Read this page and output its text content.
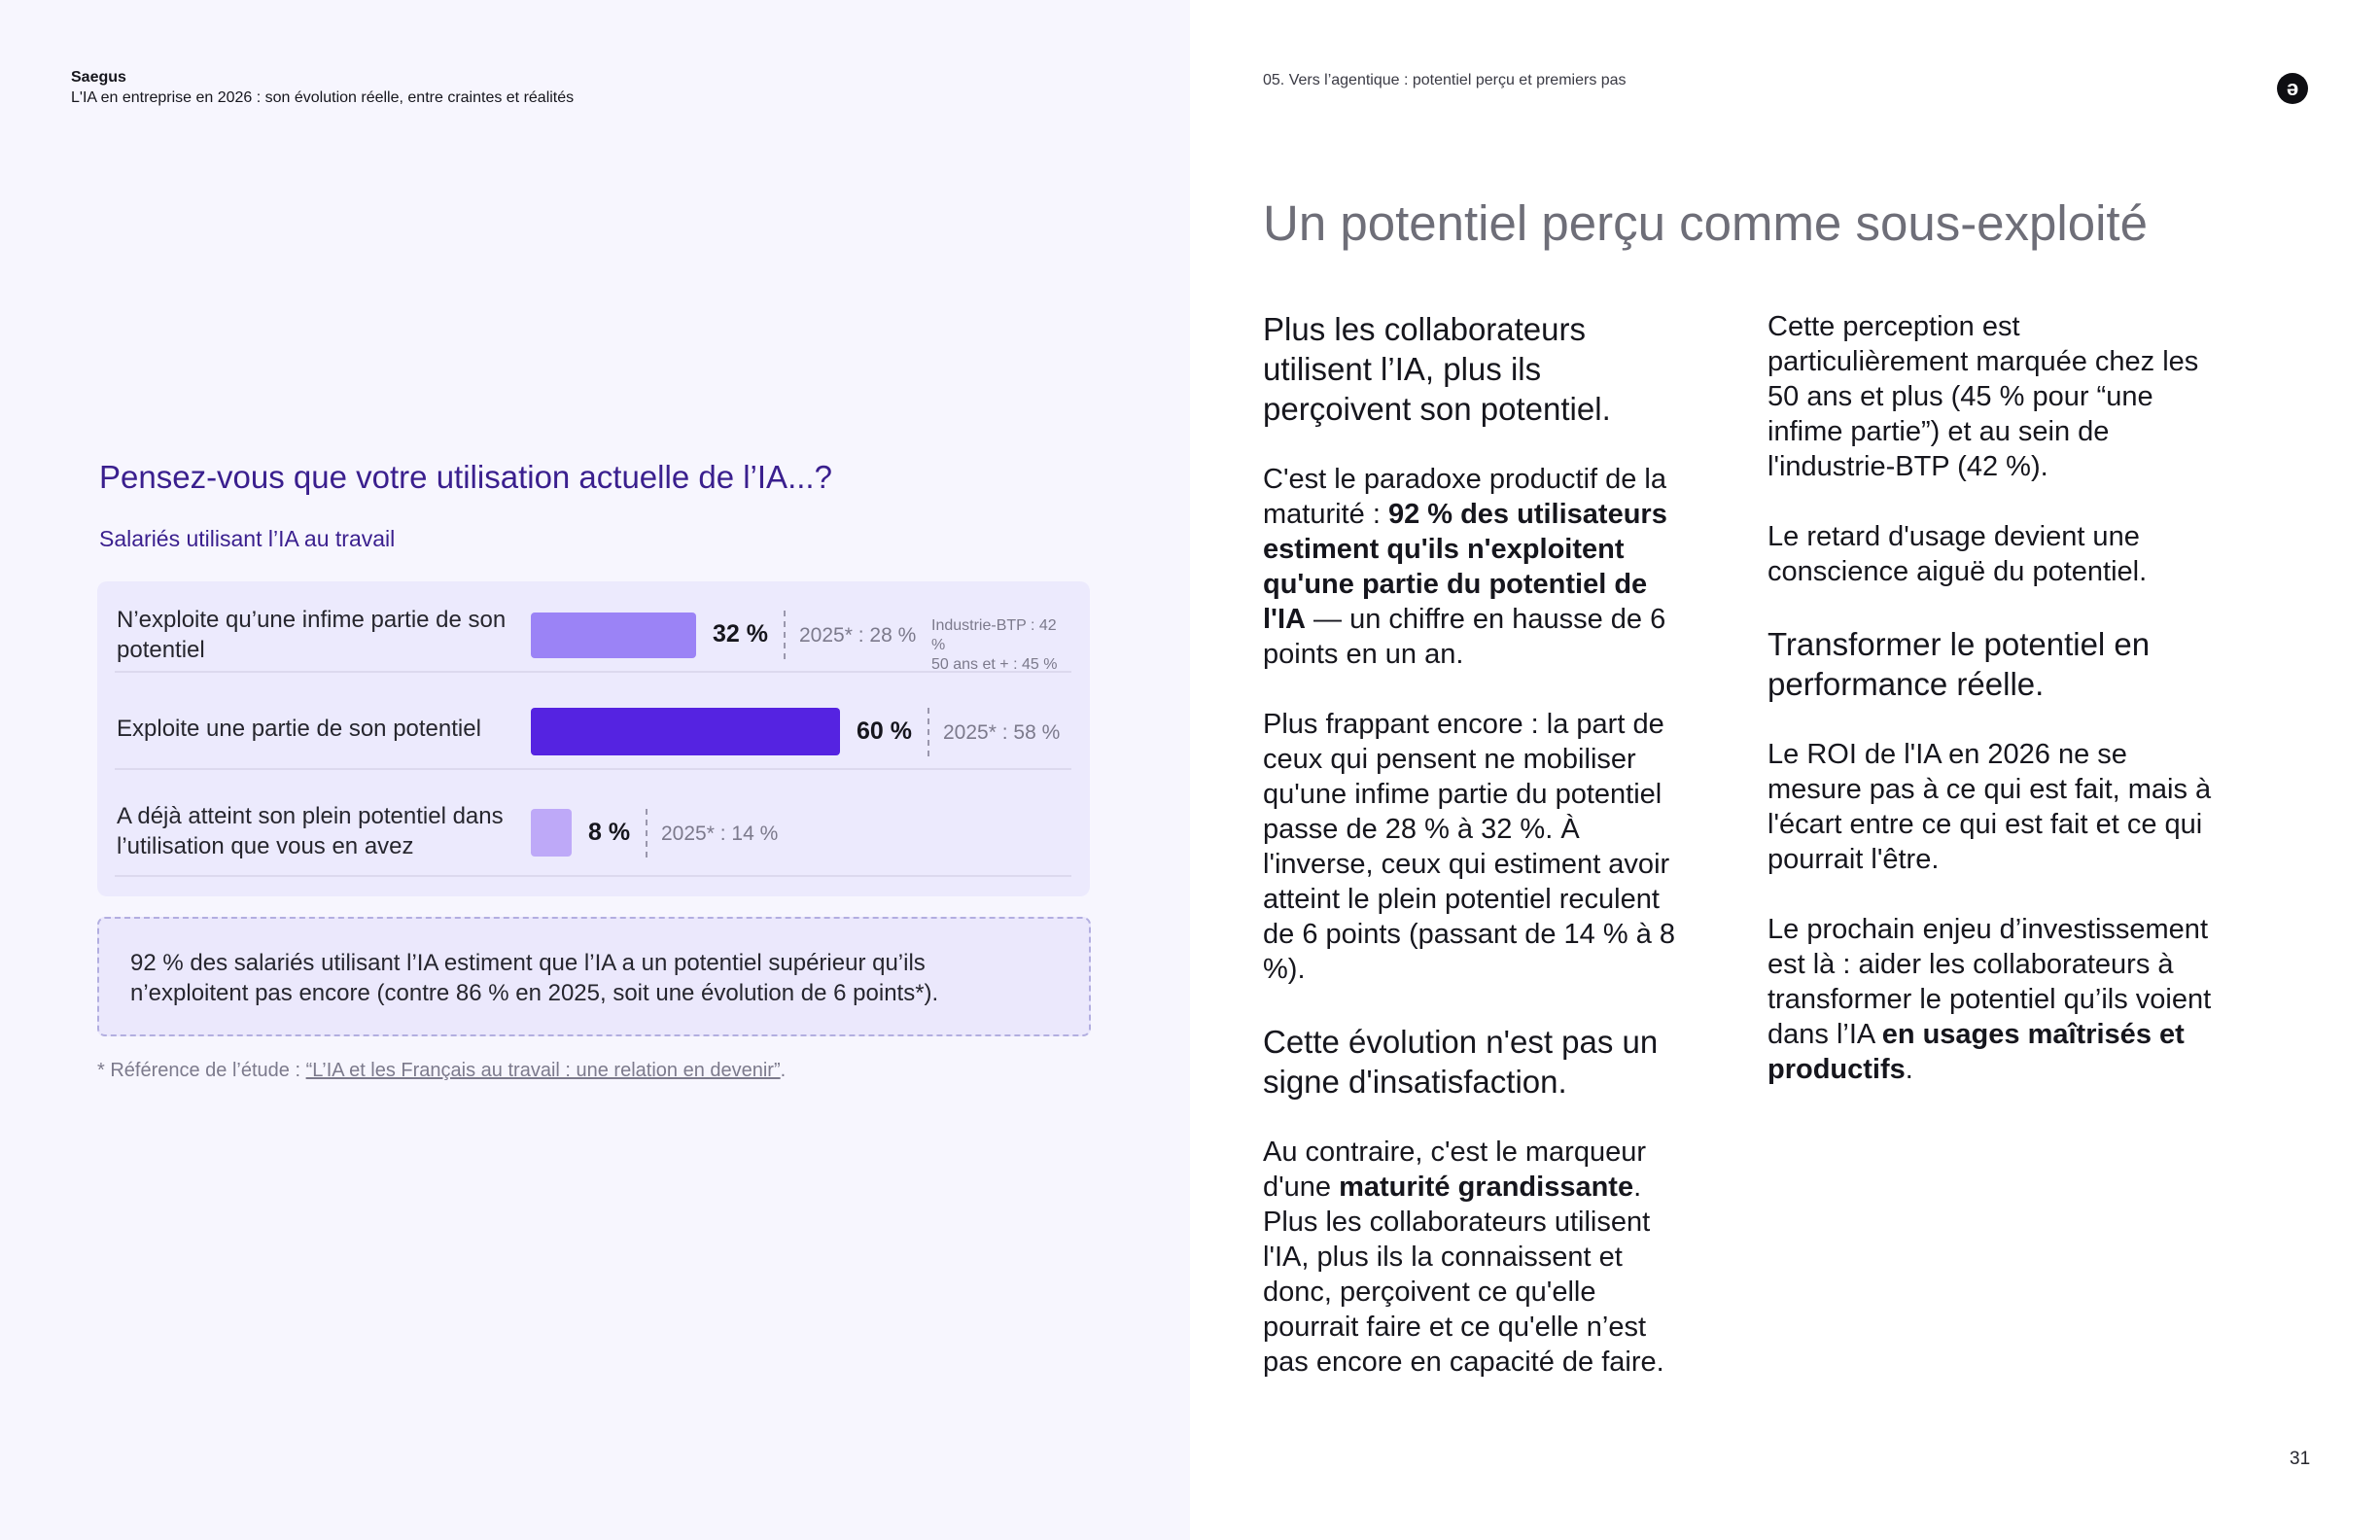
Saegus
L'IA en entreprise en 2026 : son évolution réelle, entre craintes et réalités
Pensez-vous que votre utilisation actuelle de l’IA...?
Salariés utilisant l’IA au travail
N’exploite qu’une infime partie de son potentiel
32 % 2025* : 28 % Industrie-BTP : 42 %
50 ans et + : 45 %
Exploite une partie de son potentiel	60 % 2025* : 58 %
A déjà atteint son plein potentiel dans l’utilisation que vous en avez
8 % 2025* : 14 %
92 % des salariés utilisant l’IA estiment que l’IA a un potentiel supérieur qu’ils n’exploitent pas encore (contre 86 % en 2025, soit une évolution de 6 points*).
* Référence de l’étude : “L’IA et les Français au travail : une relation en devenir”.
05. Vers l’agentique : potentiel perçu et premiers pas	ә
Un potentiel perçu comme sous-exploité
Plus les collaborateurs utilisent l’IA, plus ils perçoivent son potentiel.

C'est le paradoxe productif de la maturité : 92 % des utilisateurs estiment qu'ils n'exploitent qu'une partie du potentiel de l'IA — un chiffre en hausse de 6 points en un an.

Plus frappant encore : la part de ceux qui pensent ne mobiliser qu'une infime partie du potentiel passe de 28 % à 32 %. À l'inverse, ceux qui estiment avoir atteint le plein potentiel reculent de 6 points (passant de 14 % à 8 %).

Cette évolution n'est pas un signe d'insatisfaction.

Au contraire, c'est le marqueur d'une maturité grandissante. Plus les collaborateurs utilisent l'IA, plus ils la connaissent et donc, perçoivent ce qu'elle pourrait faire et ce qu'elle n’est pas encore en capacité de faire.

Cette perception est particulièrement marquée chez les 50 ans et plus (45 % pour “une infime partie”) et au sein de l'industrie-BTP (42 %).

Le retard d'usage devient une conscience aiguë du potentiel.

Transformer le potentiel en performance réelle.

Le ROI de l'IA en 2026 ne se mesure pas à ce qui est fait, mais à l'écart entre ce qui est fait et ce qui pourrait l'être.

Le prochain enjeu d’investissement est là : aider les collaborateurs à transformer le potentiel qu’ils voient dans l’IA en usages maîtrisés et productifs.

31
